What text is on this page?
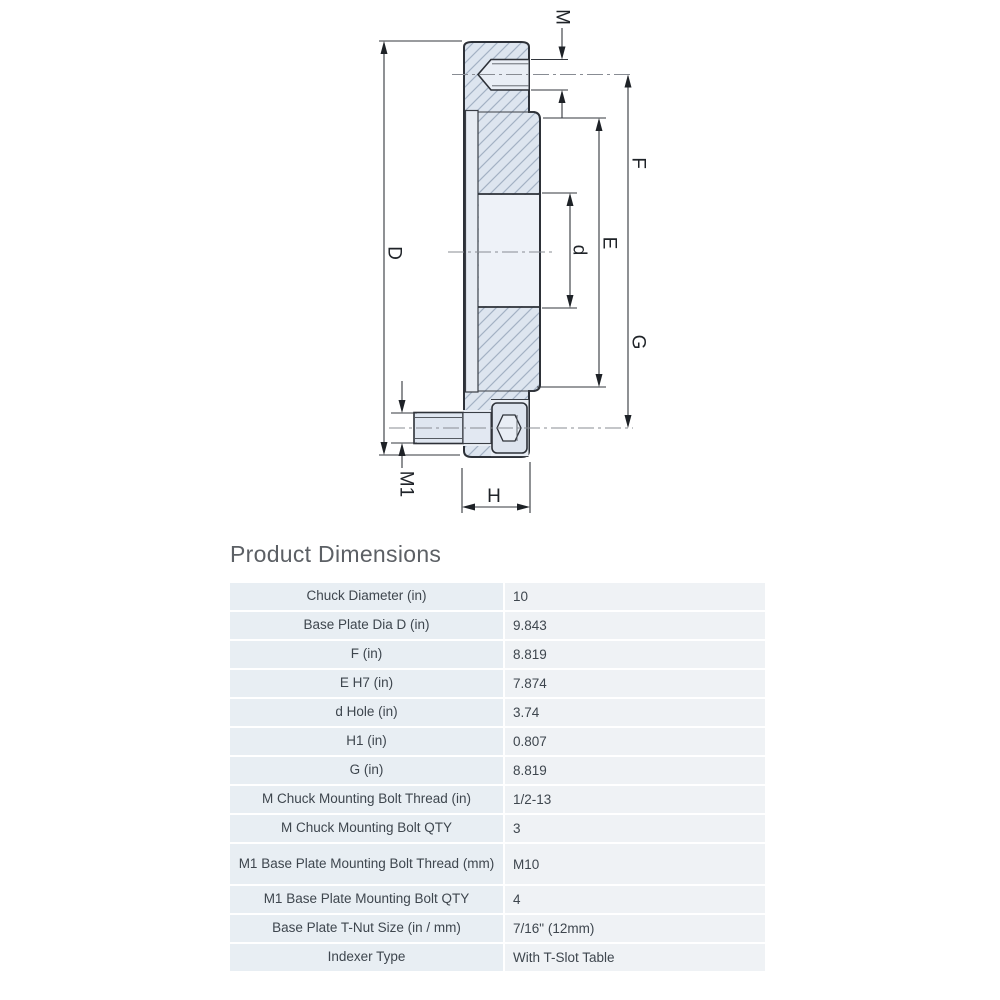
M
D
F
E
d
G
M1	H
Product Dimensions
Chuck Diameter (in)	10
Base Plate Dia D (in)	9.843
F (in)	8.819
E H7 (in)	7.874
d Hole (in)	3.74
H1 (in)	0.807
G (in)	8.819
M Chuck Mounting Bolt Thread (in)	1/2-13
M Chuck Mounting Bolt QTY	3
M1 Base Plate Mounting Bolt Thread (mm)	M10
M1 Base Plate Mounting Bolt QTY	4
Base Plate T-Nut Size (in / mm)	7/16" (12mm)
Indexer Type	With T-Slot Table
